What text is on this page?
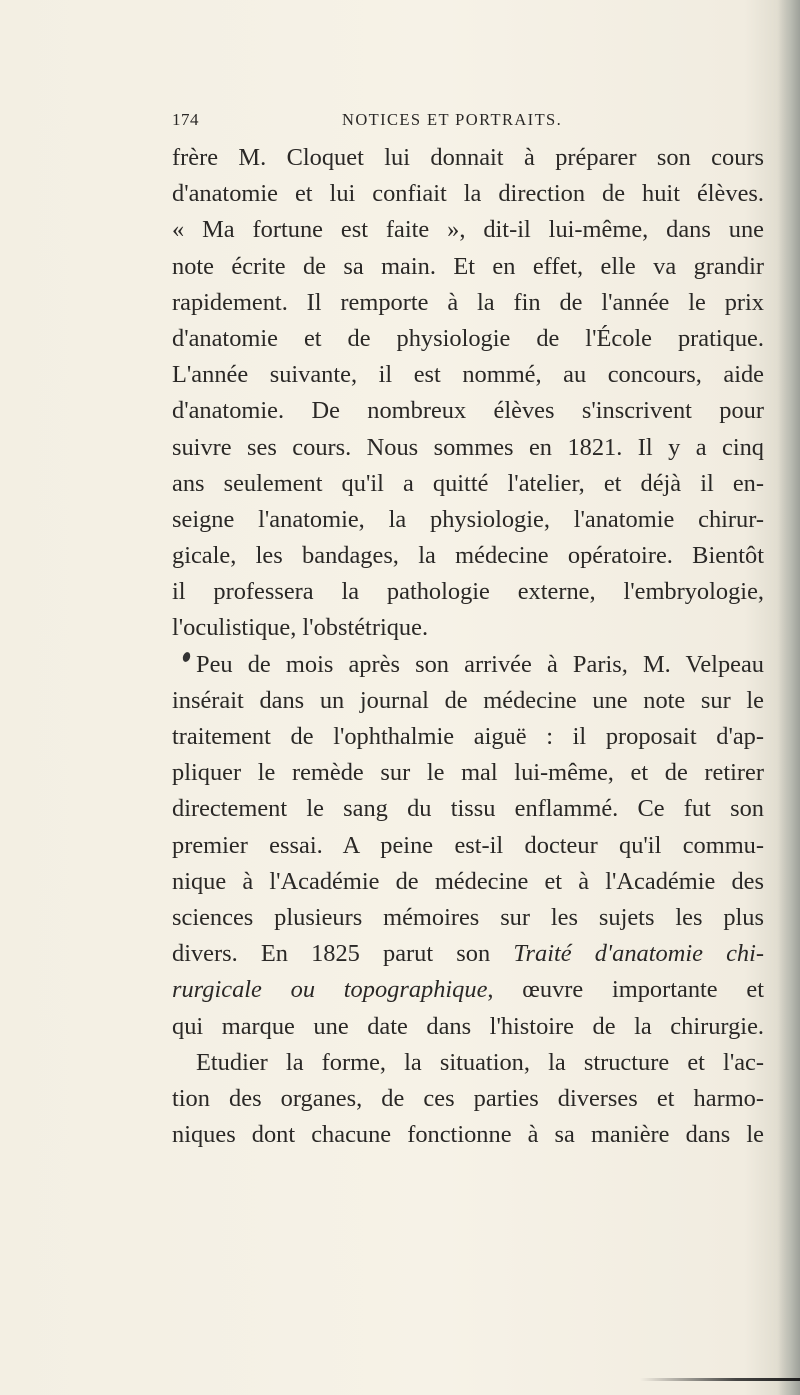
174	NOTICES ET PORTRAITS.
frère M. Cloquet lui donnait à préparer son cours
d'anatomie et lui confiait la direction de huit élèves.
« Ma fortune est faite », dit-il lui-même, dans une
note écrite de sa main. Et en effet, elle va grandir
rapidement. Il remporte à la fin de l'année le prix
d'anatomie et de physiologie de l'École pratique.
L'année suivante, il est nommé, au concours, aide
d'anatomie. De nombreux élèves s'inscrivent pour
suivre ses cours. Nous sommes en 1821. Il y a cinq
ans seulement qu'il a quitté l'atelier, et déjà il en-
seigne l'anatomie, la physiologie, l'anatomie chirur-
gicale, les bandages, la médecine opératoire. Bientôt
il professera la pathologie externe, l'embryologie,
l'oculistique, l'obstétrique.
Peu de mois après son arrivée à Paris, M. Velpeau
insérait dans un journal de médecine une note sur le
traitement de l'ophthalmie aiguë : il proposait d'ap-
pliquer le remède sur le mal lui-même, et de retirer
directement le sang du tissu enflammé. Ce fut son
premier essai. A peine est-il docteur qu'il commu-
nique à l'Académie de médecine et à l'Académie des
sciences plusieurs mémoires sur les sujets les plus
divers. En 1825 parut son Traité d'anatomie chi-
rurgicale ou topographique, œuvre importante et
qui marque une date dans l'histoire de la chirurgie.
Etudier la forme, la situation, la structure et l'ac-
tion des organes, de ces parties diverses et harmo-
niques dont chacune fonctionne à sa manière dans le
